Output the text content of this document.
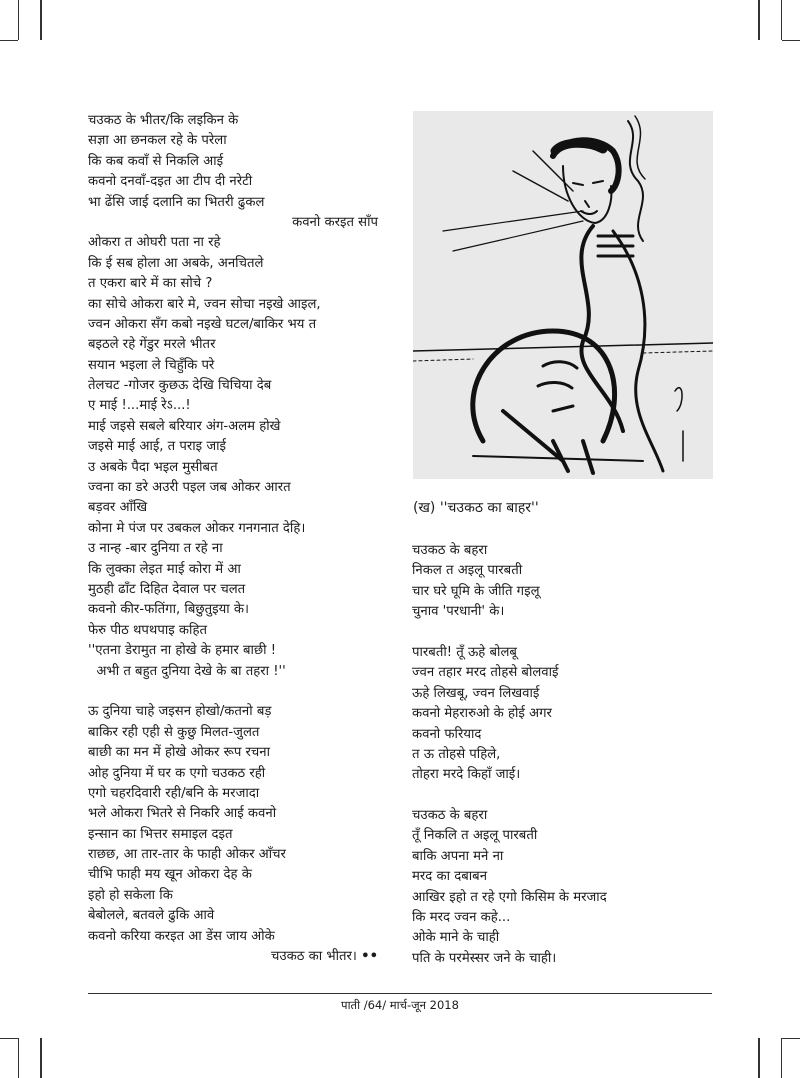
चउकठ के भीतर/कि लइकिन के
सज्ञा आ छनकल रहे के परेला
कि कब कवाँ से निकलि आई
कवनो दनवाँ-दइत आ टीप दी नरेटी
भा ढेंसि जाई दलानि का भितरी ढुकल
कवनो करइत साँप
ओकरा त ओघरी पता ना रहे
कि ई सब होला आ अबके, अनचितले
त एकरा बारे में का सोचे ?
का सोचे ओकरा बारे मे, ज्वन सोचा नइखे आइल,
ज्वन ओकरा सँग कबो नइखे घटल/बाकिर भय त
बइठले रहे गेंडुर मरले भीतर
सयान भइला ले चिहुँकि परे
तेलचट -गोजर कुछऊ देखि चिचिया देब
ए माई !...माई रेऽ...!
माई जइसे सबले बरियार अंग-अलम होखे
जइसे माई आई, त पराइ जाई
उ अबके पैदा भइल मुसीबत
ज्वना का डरे अउरी पइल जब ओकर आरत
बड़वर आँखि
कोना मे पंज पर उबकल ओकर गनगनात देहि।
उ नान्ह -बार दुनिया त रहे ना
कि लुक्का लेइत माई कोरा में आ
मुठही ढाँट दिहित देवाल पर चलत
कवनो कीर-फतिंगा, बिछुतुइया के।
फेरु पीठ थपथपाइ कहित
''एतना डेरामुत ना होखे के हमार बाछी !
अभी त बहुत दुनिया देखे के बा तहरा !''
ऊ दुनिया चाहे जइसन होखो/कतनो बड़
बाकिर रही एही से कुछु मिलत-जुलत
बाछी का मन में होखे ओकर रूप रचना
ओह दुनिया में घर क एगो चउकठ रही
एगो चहरदिवारी रही/बनि के मरजादा
भले ओकरा भितरे से निकरि आई कवनो
इन्सान का भित्तर समाइल दइत
राछछ, आ तार-तार के फाही ओकर आँचर
चीभि फाही मय खून ओकरा देह के
इहो हो सकेला कि
बेबोलले, बतवले ढुकि आवे
कवनो करिया करइत आ डेंस जाय ओके
चउकठ का भीतर। ••
(ख) ''चउकठ का बाहर''
चउकठ के बहरा
निकल त अइलू पारबती
चार घरे घूमि के जीति गइलू
चुनाव 'परधानी' के।
पारबती! तूँ ऊहे बोलबू
ज्वन तहार मरद तोहसे बोलवाई
ऊहे लिखबू, ज्वन लिखवाई
कवनो मेहरारुओ के होई अगर
कवनो फरियाद
त ऊ तोहसे पहिले,
तोहरा मरदे किहाँ जाई।
चउकठ के बहरा
तूँ निकलि त अइलू पारबती
बाकि अपना मने ना
मरद का दबाबन
आखिर इहो त रहे एगो किसिम के मरजाद
कि मरद ज्वन कहे...
ओके माने के चाही
पति के परमेस्सर जने के चाही।
पाती /64/ मार्च-जून 2018
